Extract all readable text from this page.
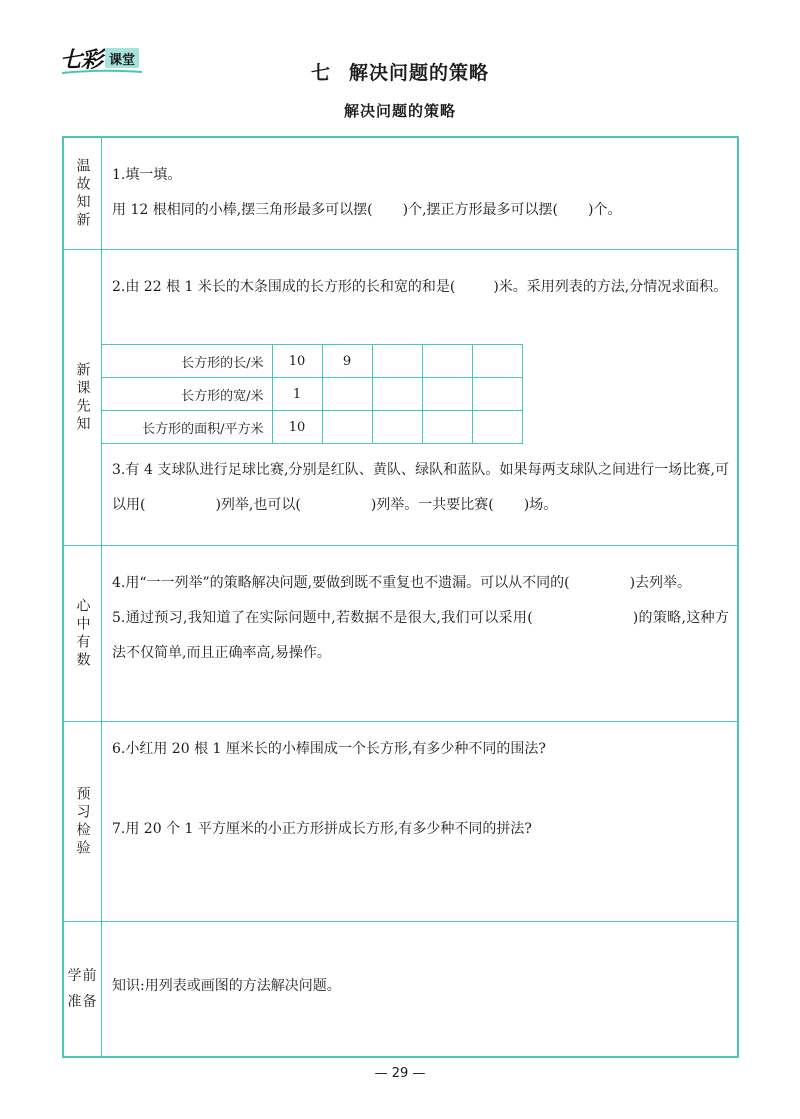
七彩 课堂
七 解决问题的策略
解决问题的策略
温故知新 1.填一填。

用 12 根相同的小棒,摆三角形最多可以摆( )个,摆正方形最多可以摆( )个。

新课先知

2.由 22 根 1 米长的木条围成的长方形的长和宽的和是(	)米。采用列表的方法,分情况求面积。

长方形的长/米	10	9			
长方形的宽/米	1				
长方形的面积/平方米	10				

3.有 4 支球队进行足球比赛,分别是红队、黄队、绿队和蓝队。如果每两支球队之间进行一场比赛,可以用(	)列举,也可以(	)列举。一共要比赛( )场。

心中有数

4.用“一一列举”的策略解决问题,要做到既不重复也不遗漏。可以从不同的(	)去列举。

5.通过预习,我知道了在实际问题中,若数据不是很大,我们可以采用(	)的策略,这种方法不仅简单,而且正确率高,易操作。

预习检验

6.小红用 20 根 1 厘米长的小棒围成一个长方形,有多少种不同的围法?

7.用 20 个 1 平方厘米的小正方形拼成长方形,有多少种不同的拼法?

学前
准备

知识:用列表或画图的方法解决问题。

— 29 —
